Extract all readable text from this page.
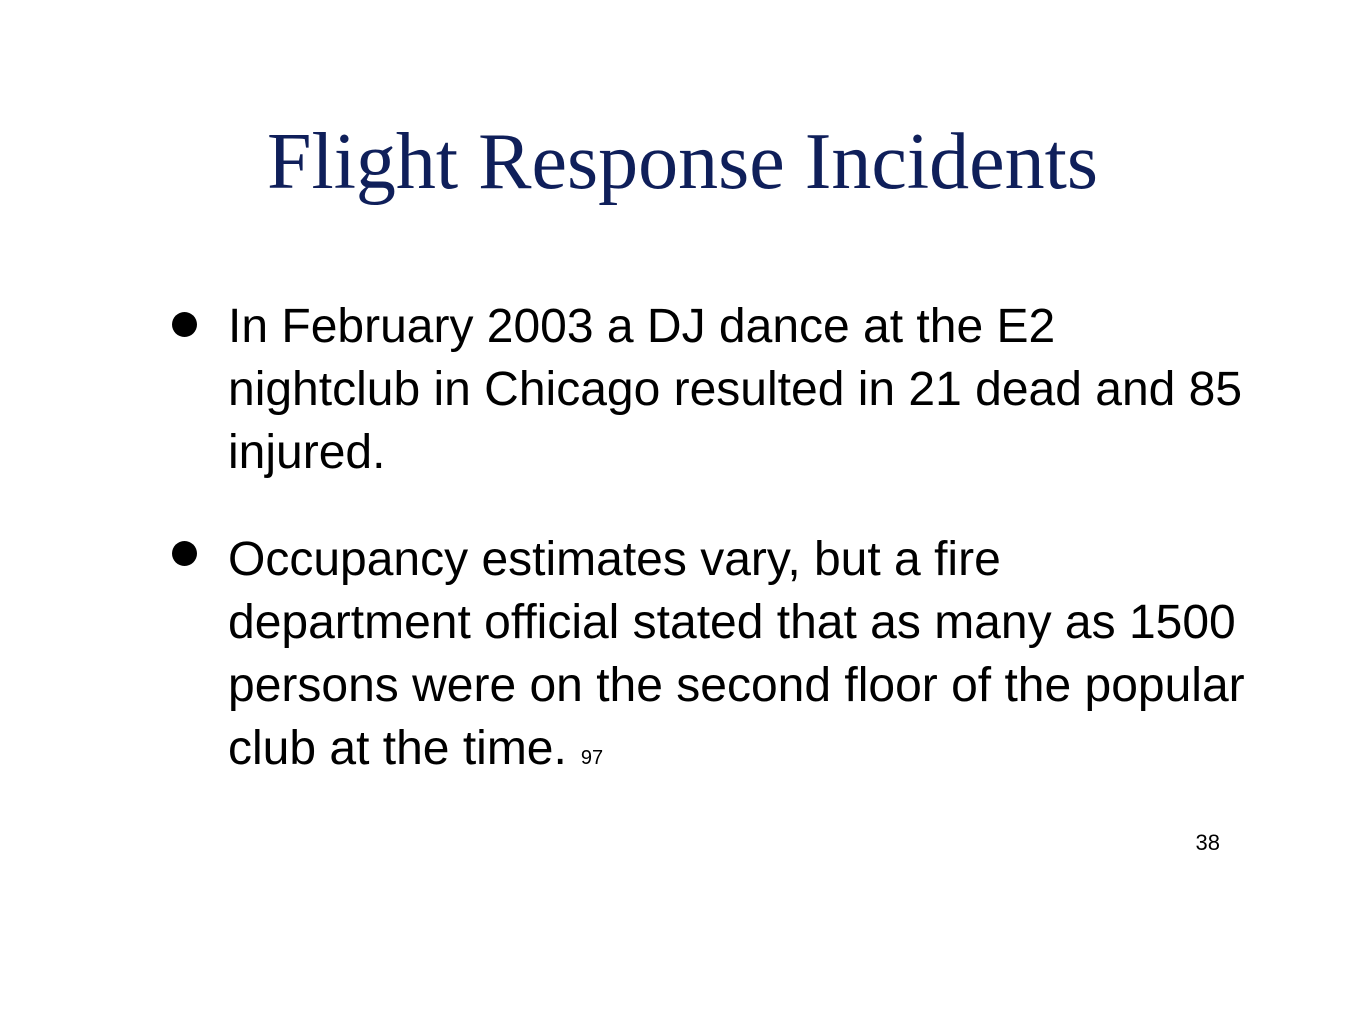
Flight Response Incidents
In February 2003 a DJ dance at the E2 nightclub in Chicago resulted in 21 dead and 85 injured.
Occupancy estimates vary, but a fire department official stated that as many as 1500 persons were on the second floor of the popular club at the time. 97
38
